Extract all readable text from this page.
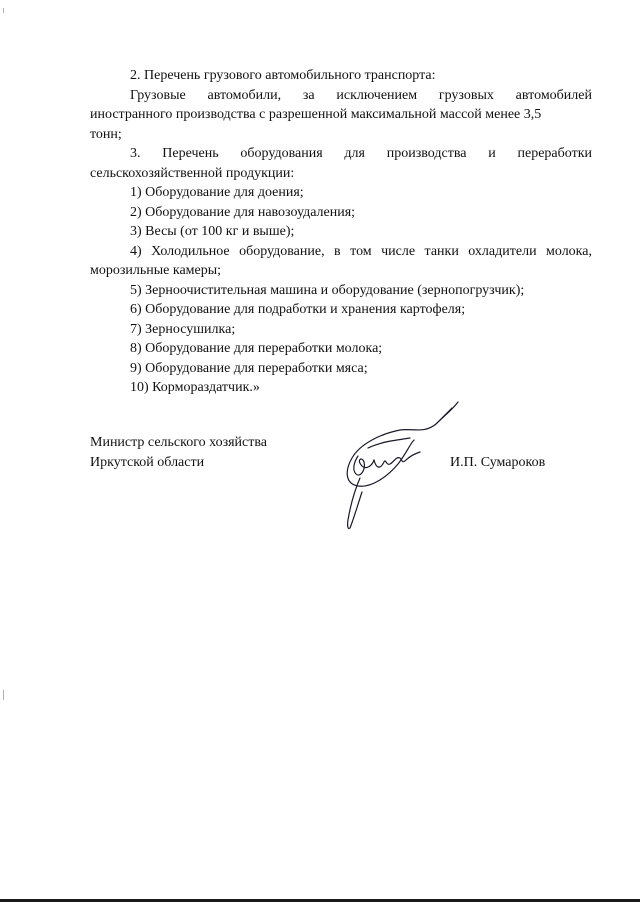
2. Перечень грузового автомобильного транспорта:
Грузовые автомобили, за исключением грузовых автомобилей
иностранного производства с разрешенной максимальной массой менее 3,5
тонн;
3. Перечень оборудования для производства и переработки
сельскохозяйственной продукции:
1) Оборудование для доения;
2) Оборудование для навозоудаления;
3) Весы (от 100 кг и выше);
4) Холодильное оборудование, в том числе танки охладители молока,
морозильные камеры;
5) Зерноочистительная машина и оборудование (зернопогрузчик);
6) Оборудование для подработки и хранения картофеля;
7) Зерносушилка;
8) Оборудование для переработки молока;
9) Оборудование для переработки мяса;
10) Кормораздатчик.»
Министр сельского хозяйства
Иркутской области	И.П. Сумароков
